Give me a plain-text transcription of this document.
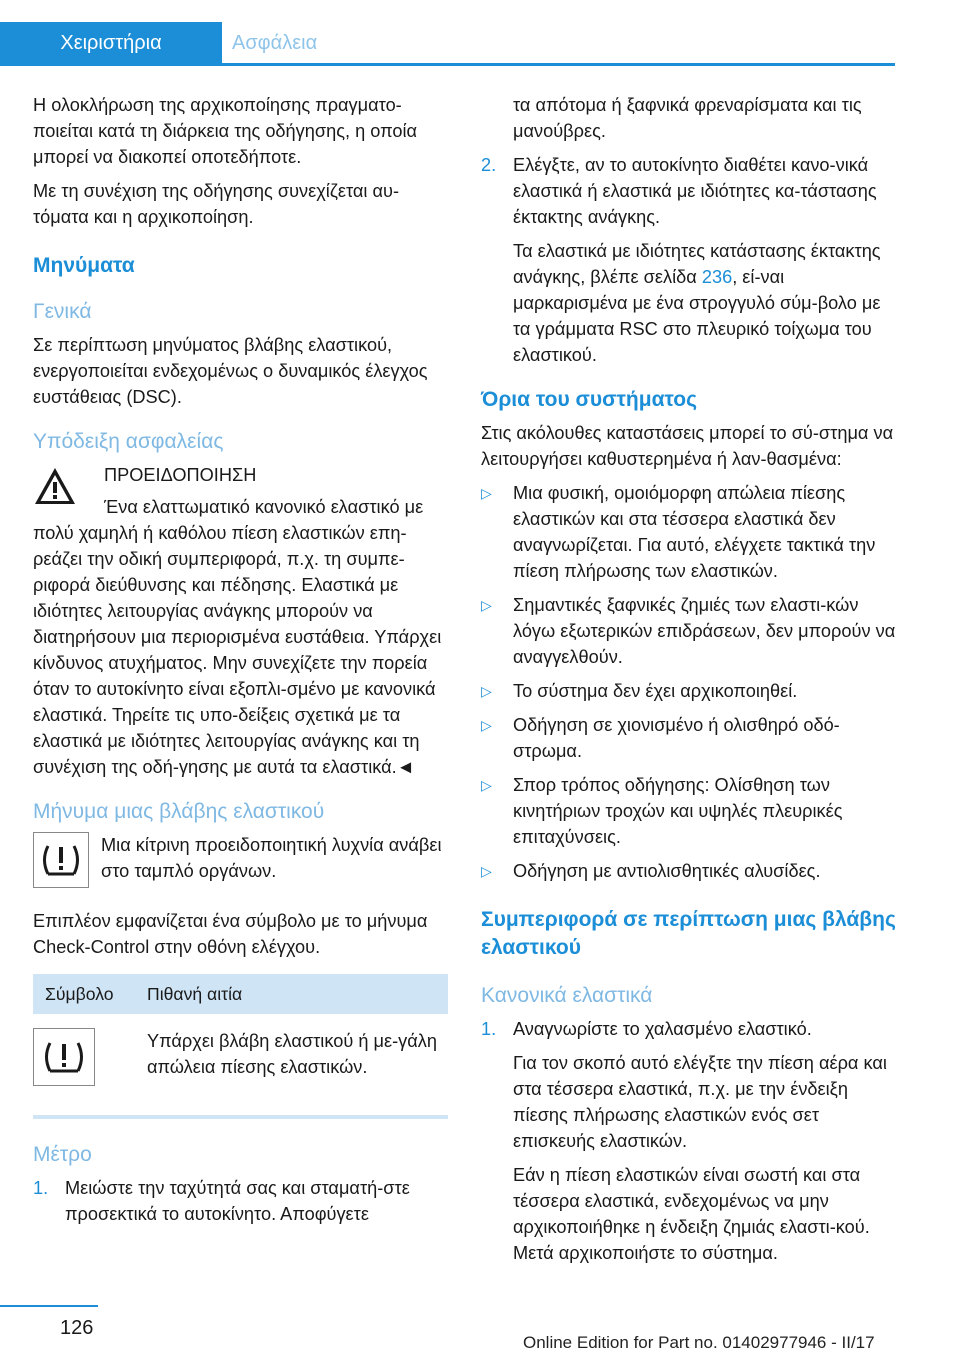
Χειριστήρια	Ασφάλεια

Η ολοκλήρωση της αρχικοποίησης πραγματο-ποιείται κατά τη διάρκεια της οδήγησης, η οποία μπορεί να διακοπεί οποτεδήποτε.

Με τη συνέχιση της οδήγησης συνεχίζεται αυ-τόματα και η αρχικοποίηση.

Μηνύματα
Γενικά

Σε περίπτωση μηνύματος βλάβης ελαστικού, ενεργοποιείται ενδεχομένως ο δυναμικός έλεγχος ευστάθειας (DSC).

Υπόδειξη ασφαλείας

ΠΡΟΕΙΔΟΠΟΙΗΣΗ

Ένα ελαττωματικό κανονικό ελαστικό με πολύ χαμηλή ή καθόλου πίεση ελαστικών επη-ρεάζει την οδική συμπεριφορά, π.χ. τη συμπε-ριφορά διεύθυνσης και πέδησης. Ελαστικά με ιδιότητες λειτουργίας ανάγκης μπορούν να διατηρήσουν μια περιορισμένα ευστάθεια. Υπάρχει κίνδυνος ατυχήματος. Μην συνεχίζετε την πορεία όταν το αυτοκίνητο είναι εξοπλι-σμένο με κανονικά ελαστικά. Τηρείτε τις υπο-δείξεις σχετικά με τα ελαστικά με ιδιότητες λειτουργίας ανάγκης και τη συνέχιση της οδή-γησης με αυτά τα ελαστικά.◄

Μήνυμα μιας βλάβης ελαστικού

Μια κίτρινη προειδοποιητική λυχνία ανάβει στο ταμπλό οργάνων.

Επιπλέον εμφανίζεται ένα σύμβολο με το μήνυμα Check-Control στην οθόνη ελέγχου.

Σύμβολο	Πιθανή αιτία
	Υπάρχει βλάβη ελαστικού ή με-γάλη απώλεια πίεσης ελαστικών.
Μέτρο
1. Μειώστε την ταχύτητά σας και σταματή-στε προσεκτικά το αυτοκίνητο. Αποφύγετε

τα απότομα ή ξαφνικά φρεναρίσματα και τις μανούβρες.

2. Ελέγξτε, αν το αυτοκίνητο διαθέτει κανο-νικά ελαστικά ή ελαστικά με ιδιότητες κα-τάστασης έκτακτης ανάγκης.

Τα ελαστικά με ιδιότητες κατάστασης έκτακτης ανάγκης, βλέπε σελίδα 236, εί-ναι μαρκαρισμένα με ένα στρογγυλό σύμ-βολο με τα γράμματα RSC στο πλευρικό τοίχωμα του ελαστικού.

Όρια του συστήματος

Στις ακόλουθες καταστάσεις μπορεί το σύ-στημα να λειτουργήσει καθυστερημένα ή λαν-θασμένα:

▷ Μια φυσική, ομοιόμορφη απώλεια πίεσης ελαστικών και στα τέσσερα ελαστικά δεν αναγνωρίζεται. Για αυτό, ελέγχετε τακτικά την πίεση πλήρωσης των ελαστικών.

▷ Σημαντικές ξαφνικές ζημιές των ελαστι-κών λόγω εξωτερικών επιδράσεων, δεν μπορούν να αναγγελθούν.

▷ Το σύστημα δεν έχει αρχικοποιηθεί.

▷ Οδήγηση σε χιονισμένο ή ολισθηρό οδό-στρωμα.

▷ Σπορ τρόπος οδήγησης: Ολίσθηση των κινητήριων τροχών και υψηλές πλευρικές επιταχύνσεις.

▷ Οδήγηση με αντιολισθητικές αλυσίδες.

Συμπεριφορά σε περίπτωση μιας βλάβης ελαστικού
Κανονικά ελαστικά
1. Αναγνωρίστε το χαλασμένο ελαστικό.

Για τον σκοπό αυτό ελέγξτε την πίεση αέρα και στα τέσσερα ελαστικά, π.χ. με την ένδειξη πίεσης πλήρωσης ελαστικών ενός σετ επισκευής ελαστικών.

Εάν η πίεση ελαστικών είναι σωστή και στα τέσσερα ελαστικά, ενδεχομένως να μην αρχικοποιήθηκε η ένδειξη ζημιάς ελαστι-κού. Μετά αρχικοποιήστε το σύστημα.

126
Online Edition for Part no. 01402977946 - II/17
